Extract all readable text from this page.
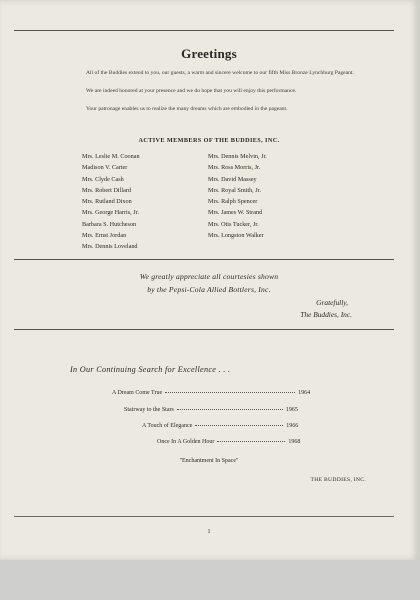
Greetings
All of the Buddies extend to you, our guests, a warm and sincere welcome to our fifth Miss Bronze Lynchburg Pageant.
We are indeed honored at your presence and we do hope that you will enjoy this performance.
Your patronage enables us to realize the many dreams which are embodied in the pageant.
ACTIVE MEMBERS OF THE BUDDIES, INC.
Mrs. Leslie M. Coonan
Madison V. Carter
Mrs. Clyde Cash
Mrs. Robert Dillard
Mrs. Rutland Dixon
Mrs. George Harris, Jr.
Barbara S. Hutcheson
Mrs. Ernst Jordan
Mrs. Dennis Loveland
Mrs. Dennis Melvin, Jr.
Mrs. Ross Morris, Jr.
Mrs. David Massey
Mrs. Royal Smith, Jr.
Mrs. Ralph Spencer
Mrs. James W. Strand
Mrs. Otis Tucker, Jr.
Mrs. Longston Walker
We greatly appreciate all courtesies shown
by the Pepsi-Cola Allied Bottlers, Inc.
Gratefully,
The Buddies, Inc.
In Our Continuing Search for Excellence . . .
A Dream Come True	1964
Stairway to the Stars	1965
A Touch of Elegance	1966
Once In A Golden Hour	1968
"Enchantment In Space"
THE BUDDIES, INC.
1
